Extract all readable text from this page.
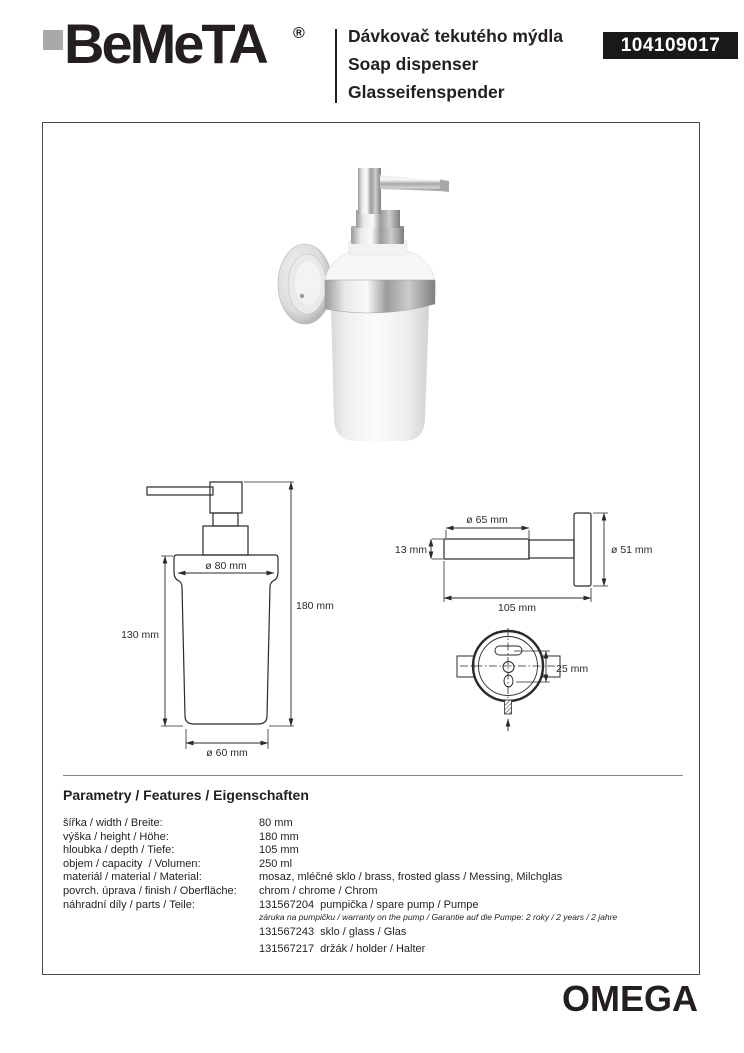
BeMeTA ® Dávkovač tekutého mýdla
Soap dispenser
Glasseifenspender
104109017
ø 80 mm
180 mm
130 mm
ø 60 mm
ø 65 mm
13 mm	ø 51 mm
105 mm
25 mm
Parametry / Features / Eigenschaften
šířka / width / Breite:	80 mm
výška / height / Höhe:	180 mm
hloubka / depth / Tiefe:	105 mm
objem / capacity  / Volumen:	250 ml
materiál / material / Material:	mosaz, mléčné sklo / brass, frosted glass / Messing, Milchglas
povrch. úprava / finish / Oberfläche:	chrom / chrome / Chrom
náhradní díly / parts / Teile:	131567204  pumpička / spare pump / Pumpe
záruka na pumpičku / warranty on the pump / Garantie auf die Pumpe: 2 roky / 2 years / 2 jahre
131567243  sklo / glass / Glas
131567217  držák / holder / Halter
OMEGA
